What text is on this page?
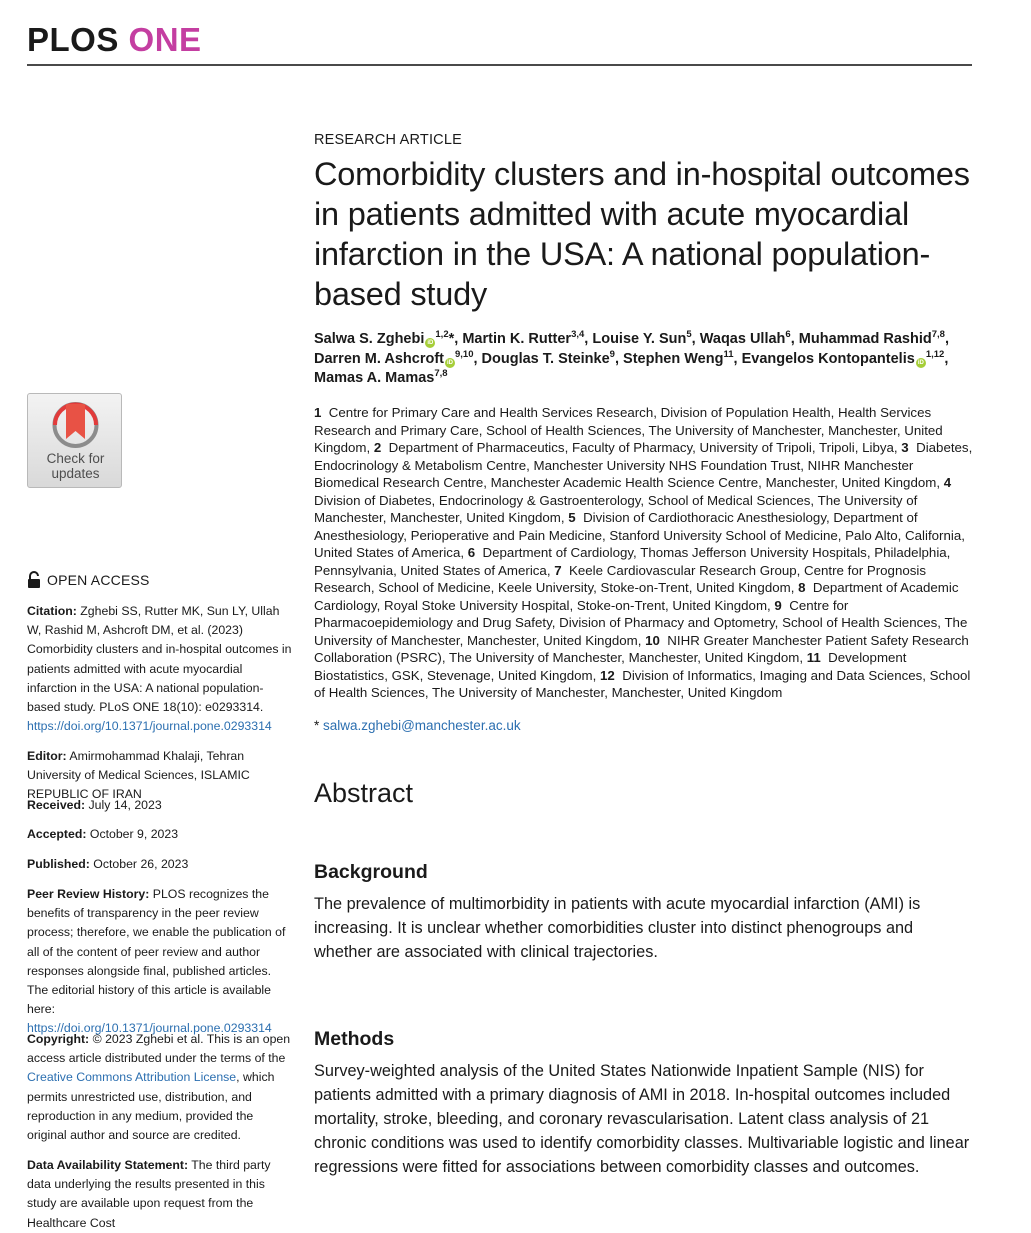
PLOS ONE
RESEARCH ARTICLE
Comorbidity clusters and in-hospital outcomes in patients admitted with acute myocardial infarction in the USA: A national population-based study
Salwa S. Zghebi iD$^{1,2}$*, Martin K. Rutter$^{3,4}$, Louise Y. Sun$^5$, Waqas Ullah$^6$, Muhammad Rashid$^{7,8}$, Darren M. Ashcroft iD$^{9,10}$, Douglas T. Steinke$^9$, Stephen Weng$^{11}$, Evangelos Kontopantelis iD$^{1,12}$, Mamas A. Mamas$^{7,8}$
1 Centre for Primary Care and Health Services Research, Division of Population Health, Health Services Research and Primary Care, School of Health Sciences, The University of Manchester, Manchester, United Kingdom, 2 Department of Pharmaceutics, Faculty of Pharmacy, University of Tripoli, Tripoli, Libya, 3 Diabetes, Endocrinology & Metabolism Centre, Manchester University NHS Foundation Trust, NIHR Manchester Biomedical Research Centre, Manchester Academic Health Science Centre, Manchester, United Kingdom, 4  Division of Diabetes, Endocrinology & Gastroenterology, School of Medical Sciences, The University of Manchester, Manchester, United Kingdom, 5 Division of Cardiothoracic Anesthesiology, Department of Anesthesiology, Perioperative and Pain Medicine, Stanford University School of Medicine, Palo Alto, California, United States of America, 6 Department of Cardiology, Thomas Jefferson University Hospitals, Philadelphia, Pennsylvania, United States of America, 7 Keele Cardiovascular Research Group, Centre for Prognosis Research, School of Medicine, Keele University, Stoke-on-Trent, United Kingdom, 8 Department of Academic Cardiology, Royal Stoke University Hospital, Stoke-on-Trent, United Kingdom, 9 Centre for Pharmacoepidemiology and Drug Safety, Division of Pharmacy and Optometry, School of Health Sciences, The University of Manchester, Manchester, United Kingdom, 10 NIHR Greater Manchester Patient Safety Research Collaboration (PSRC), The University of Manchester, Manchester, United Kingdom, 11 Development Biostatistics, GSK, Stevenage, United Kingdom, 12 Division of Informatics, Imaging and Data Sciences, School of Health Sciences, The University of Manchester, Manchester, United Kingdom
* salwa.zghebi@manchester.ac.uk
Abstract
Background

The prevalence of multimorbidity in patients with acute myocardial infarction (AMI) is increasing. It is unclear whether comorbidities cluster into distinct phenogroups and whether are associated with clinical trajectories.

Methods

Survey-weighted analysis of the United States Nationwide Inpatient Sample (NIS) for patients admitted with a primary diagnosis of AMI in 2018. In-hospital outcomes included mortality, stroke, bleeding, and coronary revascularisation. Latent class analysis of 21 chronic conditions was used to identify comorbidity classes. Multivariable logistic and linear regressions were fitted for associations between comorbidity classes and outcomes.

Check for
updates
OPEN ACCESS

Citation: Zghebi SS, Rutter MK, Sun LY, Ullah W, Rashid M, Ashcroft DM, et al. (2023) Comorbidity clusters and in-hospital outcomes in patients admitted with acute myocardial infarction in the USA: A national population-based study. PLoS ONE 18(10): e0293314. https://doi.org/10.1371/journal.pone.0293314

Editor: Amirmohammad Khalaji, Tehran University of Medical Sciences, ISLAMIC REPUBLIC OF IRAN

Received: July 14, 2023

Accepted: October 9, 2023

Published: October 26, 2023

Peer Review History: PLOS recognizes the benefits of transparency in the peer review process; therefore, we enable the publication of all of the content of peer review and author responses alongside final, published articles. The editorial history of this article is available here: https://doi.org/10.1371/journal.pone.0293314

Copyright: © 2023 Zghebi et al. This is an open access article distributed under the terms of the Creative Commons Attribution License, which permits unrestricted use, distribution, and reproduction in any medium, provided the original author and source are credited.

Data Availability Statement: The third party data underlying the results presented in this study are available upon request from the Healthcare Cost
